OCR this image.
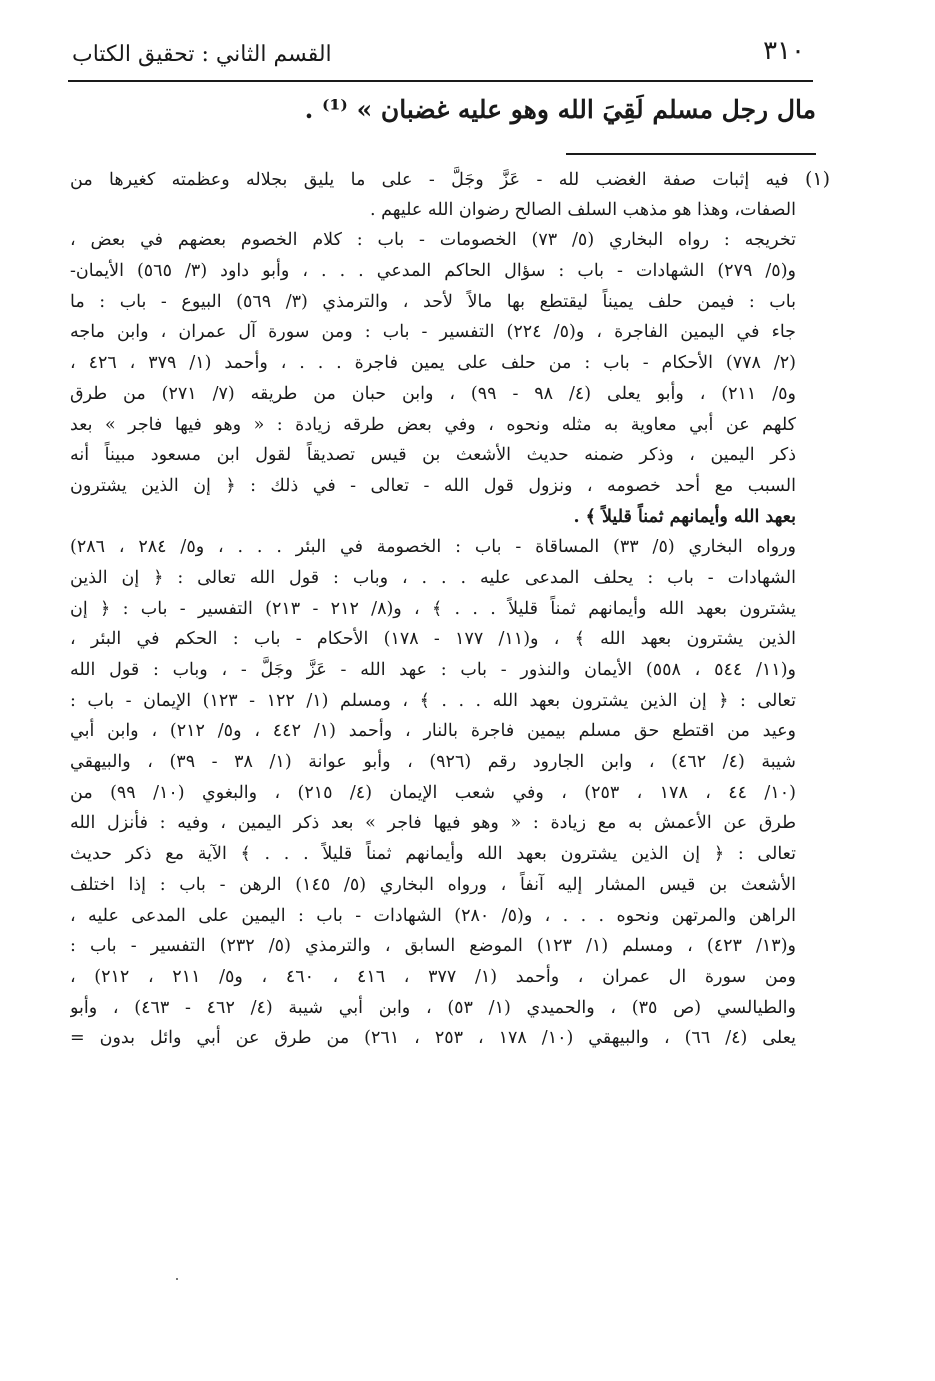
٣١٠
القسم الثاني : تحقيق الكتاب
مال رجل مسلم لَقِيَ الله وهو عليه غضبان » ⁽¹⁾ .
(١) فيه إثبات صفة الغضب لله - عَزَّ وجَلَّ - على ما يليق بجلاله وعظمته كغيرها من
الصفات، وهذا هو مذهب السلف الصالح رضوان الله عليهم .
تخريجه : رواه البخاري (٥/ ٧٣) الخصومات - باب : كلام الخصوم بعضهم في بعض ،
و(٥/ ٢٧٩) الشهادات - باب : سؤال الحاكم المدعي . . . ، وأبو داود (٣/ ٥٦٥) الأيمان-
باب : فيمن حلف يميناً ليقتطع بها مالاً لأحد ، والترمذي (٣/ ٥٦٩) البيوع - باب : ما
جاء في اليمين الفاجرة ، و(٥/ ٢٢٤) التفسير - باب : ومن سورة آل عمران ، وابن ماجه
(٢/ ٧٧٨) الأحكام - باب : من حلف على يمين فاجرة . . . ، وأحمد (١/ ٣٧٩ ، ٤٢٦ ،
و٥/ ٢١١) ، وأبو يعلى (٤/ ٩٨ - ٩٩) ، وابن حبان من طريقه (٧/ ٢٧١) من طرق
كلهم عن أبي معاوية به مثله ونحوه ، وفي بعض طرقه زيادة : « وهو فيها فاجر » بعد
ذكر اليمين ، وذكر ضمنه حديث الأشعث بن قيس تصديقاً لقول ابن مسعود مبيناً أنه
السبب مع أحد خصومه ، ونزول قول الله - تعالى - في ذلك : ﴿ إن الذين يشترون
بعهد الله وأيمانهم ثمناً قليلاً ﴾ .
ورواه البخاري (٥/ ٣٣) المساقاة - باب : الخصومة في البئر . . . ، و٥/ ٢٨٤ ، ٢٨٦)
الشهادات - باب : يحلف المدعى عليه . . . ، وباب : قول الله تعالى : ﴿ إن الذين
يشترون بعهد الله وأيمانهم ثمناً قليلاً . . . ﴾ ، و(٨/ ٢١٢ - ٢١٣) التفسير - باب : ﴿ إن
الذين يشترون بعهد الله ﴾ ، و(١١/ ١٧٧ - ١٧٨) الأحكام - باب : الحكم في البئر ،
و(١١/ ٥٤٤ ، ٥٥٨) الأيمان والنذور - باب : عهد الله - عَزَّ وجَلَّ - ، وباب : قول الله
تعالى : ﴿ إن الذين يشترون بعهد الله . . . ﴾ ، ومسلم (١/ ١٢٢ - ١٢٣) الإيمان - باب :
وعيد من اقتطع حق مسلم بيمين فاجرة بالنار ، وأحمد (١/ ٤٤٢ ، و٥/ ٢١٢) ، وابن أبي
شيبة (٤/ ٤٦٢) ، وابن الجارود رقم (٩٢٦) ، وأبو عوانة (١/ ٣٨ - ٣٩) ، والبيهقي
(١٠/ ٤٤ ، ١٧٨ ، ٢٥٣) ، وفي شعب الإيمان (٤/ ٢١٥) ، والبغوي (١٠/ ٩٩) من
طرق عن الأعمش به مع زيادة : « وهو فيها فاجر » بعد ذكر اليمين ، وفيه : فأنزل الله
تعالى : ﴿ إن الذين يشترون بعهد الله وأيمانهم ثمناً قليلاً . . . ﴾ الآية مع ذكر حديث
الأشعث بن قيس المشار إليه آنفاً ، ورواه البخاري (٥/ ١٤٥) الرهن - باب : إذا اختلف
الراهن والمرتهن ونحوه . . . ، و(٥/ ٢٨٠) الشهادات - باب : اليمين على المدعى عليه ،
و(١٣/ ٤٢٣) ، ومسلم (١/ ١٢٣) الموضع السابق ، والترمذي (٥/ ٢٣٢) التفسير - باب :
ومن سورة ال عمران ، وأحمد (١/ ٣٧٧ ، ٤١٦ ، ٤٦٠ ، و٥/ ٢١١ ، ٢١٢) ،
والطيالسي (ص ٣٥) ، والحميدي (١/ ٥٣) ، وابن أبي شيبة (٤/ ٤٦٢ - ٤٦٣) ، وأبو
يعلى (٤/ ٦٦) ، والبيهقي (١٠/ ١٧٨ ، ٢٥٣ ، ٢٦١) من طرق عن أبي وائل بدون =
